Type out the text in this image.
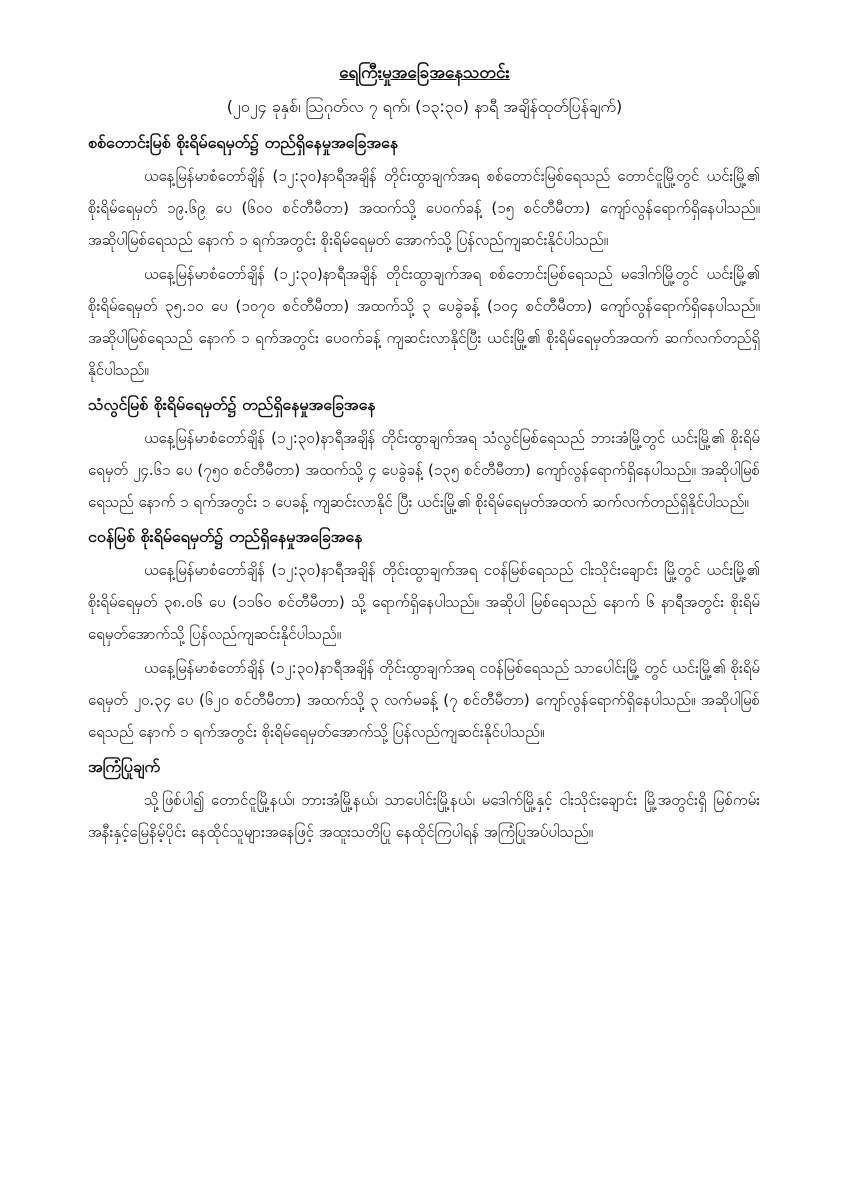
ရေကြီးမှုအခြေအနေသတင်း
(၂၀၂၄ ခုနှစ်၊ ဩဂုတ်လ ၇ ရက်၊ (၁၃:၃၀) နာရီ အချိန်ထုတ်ပြန်ချက်)
စစ်တောင်းမြစ် စိုးရိမ်ရေမှတ်၌ တည်ရှိနေမှုအခြေအနေ

ယနေ့မြန်မာစံတော်ချိန် (၁၂:၃၀)နာရီအချိန် တိုင်းထွာချက်အရ စစ်တောင်းမြစ်ရေသည် တောင်ငူမြို့တွင် ယင်းမြို့၏ စိုးရိမ်ရေမှတ် ၁၉.၆၉ ပေ (၆၀၀ စင်တီမီတာ) အထက်သို့ ပေ၀က်ခန့် (၁၅ စင်တီမီတာ) ကျော်လွန်ရောက်ရှိနေပါသည်။ အဆိုပါမြစ်ရေသည် နောက် ၁ ရက်အတွင်း စိုးရိမ်ရေမှတ် အောက်သို့ ပြန်လည်ကျဆင်းနိုင်ပါသည်။

ယနေ့မြန်မာစံတော်ချိန် (၁၂:၃၀)နာရီအချိန် တိုင်းထွာချက်အရ စစ်တောင်းမြစ်ရေသည် မဒေါက်မြို့တွင် ယင်းမြို့၏ စိုးရိမ်ရေမှတ် ၃၅.၁၀ ပေ (၁၀၇၀ စင်တီမီတာ) အထက်သို့ ၃ ပေခွဲခန့် (၁၀၄ စင်တီမီတာ) ကျော်လွန်ရောက်ရှိနေပါသည်။ အဆိုပါမြစ်ရေသည် နောက် ၁ ရက်အတွင်း ပေ၀က်ခန့် ကျဆင်းလာနိုင်ပြီး ယင်းမြို့၏ စိုးရိမ်ရေမှတ်အထက် ဆက်လက်တည်ရှိနိုင်ပါသည်။

သံလွင်မြစ် စိုးရိမ်ရေမှတ်၌ တည်ရှိနေမှုအခြေအနေ

ယနေ့မြန်မာစံတော်ချိန် (၁၂:၃၀)နာရီအချိန် တိုင်းထွာချက်အရ သံလွင်မြစ်ရေသည် ဘားအံမြို့တွင် ယင်းမြို့၏ စိုးရိမ်ရေမှတ် ၂၄.၆၁ ပေ (၇၅၀ စင်တီမီတာ) အထက်သို့ ၄ ပေခွဲခန့် (၁၃၅ စင်တီမီတာ) ကျော်လွန်ရောက်ရှိနေပါသည်။ အဆိုပါမြစ်ရေသည် နောက် ၁ ရက်အတွင်း ၁ ပေခန့် ကျဆင်းလာနိုင် ပြီး ယင်းမြို့၏ စိုးရိမ်ရေမှတ်အထက် ဆက်လက်တည်ရှိနိုင်ပါသည်။

ငဝန်မြစ် စိုးရိမ်ရေမှတ်၌ တည်ရှိနေမှုအခြေအနေ

ယနေ့မြန်မာစံတော်ချိန် (၁၂:၃၀)နာရီအချိန် တိုင်းထွာချက်အရ ငဝန်မြစ်ရေသည် ငါးသိုင်းချောင်း မြို့တွင် ယင်းမြို့၏ စိုးရိမ်ရေမှတ် ၃၈.၀၆ ပေ (၁၁၆၀ စင်တီမီတာ) သို့ ရောက်ရှိနေပါသည်။ အဆိုပါ မြစ်ရေသည် နောက် ၆ နာရီအတွင်း စိုးရိမ်ရေမှတ်အောက်သို့ ပြန်လည်ကျဆင်းနိုင်ပါသည်။

ယနေ့မြန်မာစံတော်ချိန် (၁၂:၃၀)နာရီအချိန် တိုင်းထွာချက်အရ ငဝန်မြစ်ရေသည် သာပေါင်းမြို့ တွင် ယင်းမြို့၏ စိုးရိမ်ရေမှတ် ၂၀.၃၄ ပေ (၆၂၀ စင်တီမီတာ) အထက်သို့ ၃ လက်မခန့် (၇ စင်တီမီတာ) ကျော်လွန်ရောက်ရှိနေပါသည်။ အဆိုပါမြစ်ရေသည် နောက် ၁ ရက်အတွင်း စိုးရိမ်ရေမှတ်အောက်သို့ ပြန်လည်ကျဆင်းနိုင်ပါသည်။

အကြံပြုချက်

သို့ဖြစ်ပါ၍ တောင်ငူမြို့နယ်၊ ဘားအံမြို့နယ်၊ သာပေါင်းမြို့နယ်၊ မဒေါက်မြို့နှင့် ငါးသိုင်းချောင်း မြို့အတွင်းရှိ မြစ်ကမ်းအနီးနှင့်မြေနိမ့်ပိုင်း နေထိုင်သူများအနေဖြင့် အထူးသတိပြု နေထိုင်ကြပါရန် အကြံပြုအပ်ပါသည်။
